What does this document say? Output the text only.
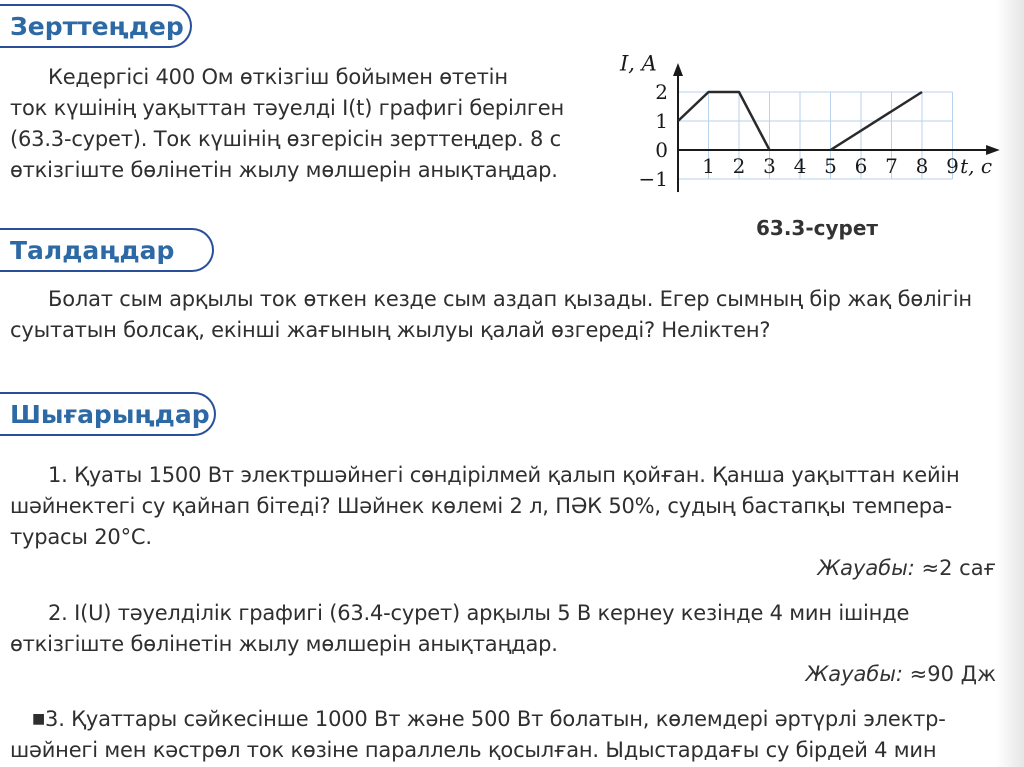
Зерттеңдер
Кедергісі 400 Ом өткізгіш бойымен өтетін
ток күшінің уақыттан тәуелді I(t) графигі берілген
(63.3-сурет). Ток күшінің өзгерісін зерттеңдер. 8 с
өткізгіште бөлінетін жылу мөлшерін анықтаңдар.	1 2 3 4 5 6 7 8 9
2
1
0
−1
I, A
t, c
63.3-сурет
Талдаңдар
Болат сым арқылы ток өткен кезде сым аздап қызады. Егер сымның бір жақ бөлігін
суытатын болсақ, екінші жағының жылуы қалай өзгереді? Неліктен?
Шығарыңдар
1. Қуаты 1500 Вт электршәйнегі сөндірілмей қалып қойған. Қанша уақыттан кейін
шәйнектегі су қайнап бітеді? Шәйнек көлемі 2 л, ПӘК 50%, судың бастапқы темпера-
турасы 20°С.
Жауабы: ≈2 сағ
2. I(U) тәуелділік графигі (63.4-сурет) арқылы 5 В кернеу кезінде 4 мин ішінде
өткізгіште бөлінетін жылу мөлшерін анықтаңдар.
Жауабы: ≈90 Дж
■3. Қуаттары сәйкесінше 1000 Вт және 500 Вт болатын, көлемдері әртүрлі электр-
шәйнегі мен кәстрөл ток көзіне параллель қосылған. Ыдыстардағы су бірдей 4 мин
